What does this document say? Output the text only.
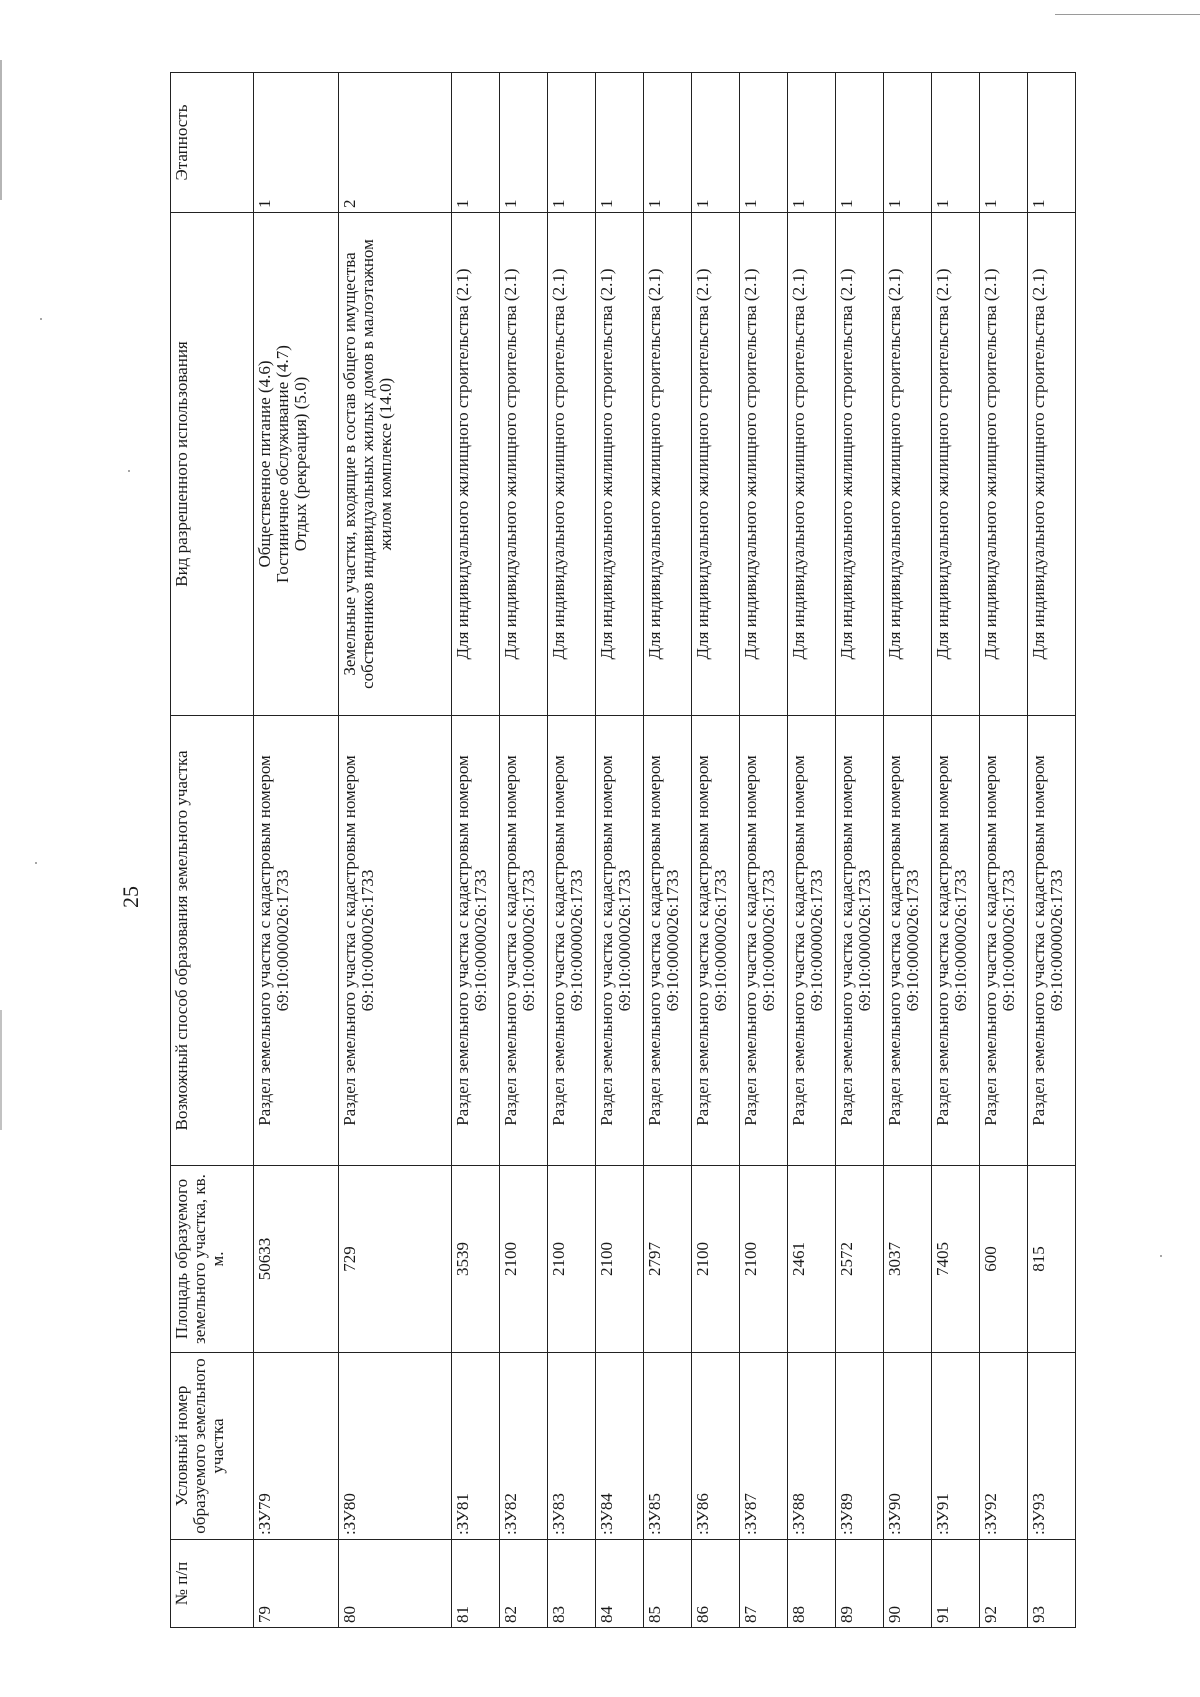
25
№ п/п	Условный номер образуемого земельного участка	Площадь образуемого земельного участка, кв. м.	Возможный способ образования земельного участка	Вид разрешенного использования	Этапность
79	:ЗУ79	50633	Раздел земельного участка с кадастровым номером 69:10:0000026:1733	Общественное питание (4.6)
Гостиничное обслуживание (4.7)
Отдых (рекреация) (5.0)	1
80	:ЗУ80	729	Раздел земельного участка с кадастровым номером 69:10:0000026:1733	Земельные участки, входящие в состав общего имущества собственников индивидуальных жилых домов в малоэтажном жилом комплексе (14.0)	2
81	:ЗУ81	3539	Раздел земельного участка с кадастровым номером 69:10:0000026:1733	Для индивидуального жилищного строительства (2.1)	1
82	:ЗУ82	2100	Раздел земельного участка с кадастровым номером 69:10:0000026:1733	Для индивидуального жилищного строительства (2.1)	1
83	:ЗУ83	2100	Раздел земельного участка с кадастровым номером 69:10:0000026:1733	Для индивидуального жилищного строительства (2.1)	1
84	:ЗУ84	2100	Раздел земельного участка с кадастровым номером 69:10:0000026:1733	Для индивидуального жилищного строительства (2.1)	1
85	:ЗУ85	2797	Раздел земельного участка с кадастровым номером 69:10:0000026:1733	Для индивидуального жилищного строительства (2.1)	1
86	:ЗУ86	2100	Раздел земельного участка с кадастровым номером 69:10:0000026:1733	Для индивидуального жилищного строительства (2.1)	1
87	:ЗУ87	2100	Раздел земельного участка с кадастровым номером 69:10:0000026:1733	Для индивидуального жилищного строительства (2.1)	1
88	:ЗУ88	2461	Раздел земельного участка с кадастровым номером 69:10:0000026:1733	Для индивидуального жилищного строительства (2.1)	1
89	:ЗУ89	2572	Раздел земельного участка с кадастровым номером 69:10:0000026:1733	Для индивидуального жилищного строительства (2.1)	1
90	:ЗУ90	3037	Раздел земельного участка с кадастровым номером 69:10:0000026:1733	Для индивидуального жилищного строительства (2.1)	1
91	:ЗУ91	7405	Раздел земельного участка с кадастровым номером 69:10:0000026:1733	Для индивидуального жилищного строительства (2.1)	1
92	:ЗУ92	600	Раздел земельного участка с кадастровым номером 69:10:0000026:1733	Для индивидуального жилищного строительства (2.1)	1
93	:ЗУ93	815	Раздел земельного участка с кадастровым номером 69:10:0000026:1733	Для индивидуального жилищного строительства (2.1)	1
